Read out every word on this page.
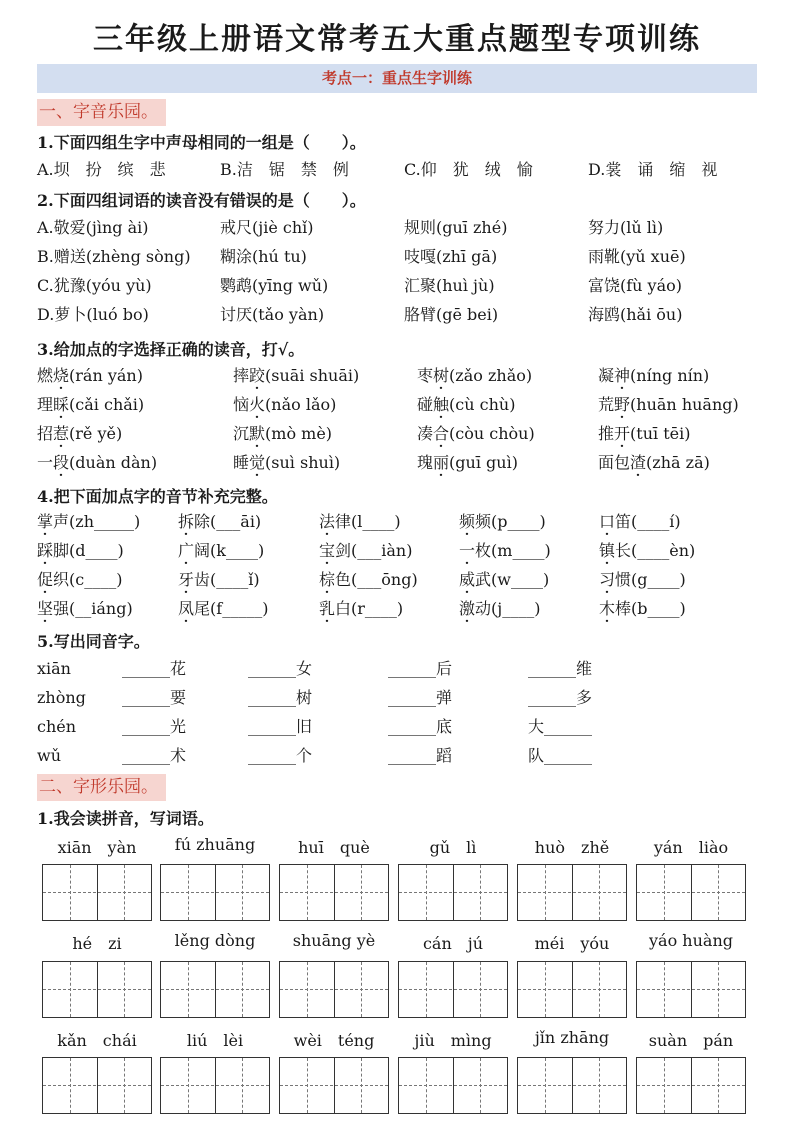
三年级上册语文常考五大重点题型专项训练
考点一：重点生字训练
一、字音乐园。
1.下面四组生字中声母相同的一组是（　　）。
A.坝　扮　缤　悲	B.洁　锯　禁　例	C.仰　犹　绒　愉	D.裳　诵　缩　视
2.下面四组词语的读音没有错误的是（　　）。
A.敬爱(jìng ài)	戒尺(jiè chǐ)	规则(guī zhé)	努力(lǔ lì)
B.赠送(zhèng sòng) 糊涂(hú tu)	吱嘎(zhī gā)	雨靴(yǔ xuē)
C.犹豫(yóu yù)	鹦鹉(yīng wǔ)	汇聚(huì jù)	富饶(fù yáo)
D.萝卜(luó bo)	讨厌(tǎo yàn)	胳臂(gē bei)	海鸥(hǎi ōu)
3.给加点的字选择正确的读音，打√。
燃烧(rán yán)	摔跤(suāi shuāi)	枣树(zǎo zhǎo)	凝神(níng nín)
理睬(cǎi chǎi)	恼火(nǎo lǎo)	碰触(cù chù)	荒野(huān huāng)
招惹(rě yě)	沉默(mò mè)	凑合(còu chòu)	推开(tuī tēi)
一段(duàn dàn)	睡觉(suì shuì)	瑰丽(guī guì)	面包渣(zhā zā)
4.把下面加点字的音节补充完整。
掌声(zh_____) 拆除(___āi)	法律(l____)	频频(p____)	口笛(____í)
踩脚(d____)	广阔(k____)	宝剑(___iàn)	一枚(m____)	镇长(____èn)
促织(c____)	牙齿(____ǐ)	棕色(___ōng)	威武(w____)	习惯(g____)
坚强(__iáng)	凤尾(f_____)	乳白(r____)	激动(j____)	木棒(b____)
5.写出同音字。
xiān	______花	______女	______后	______维
zhòng ______要	______树	______弹	______多
chén	______光	______旧	______底	大______
wǔ	______术	______个	______蹈	队______
二、字形乐园。
1.我会读拼音，写词语。
xiān　yàn	fú zhuāng	huī　què	gǔ　lì	huò　zhě	yán　liào
hé　zi	lěng dòng	shuāng yè	cán　jú	méi　yóu	yáo huàng
kǎn　chái	liú　lèi	wèi　téng	jiù　mìng	jǐn zhāng	suàn　pán
